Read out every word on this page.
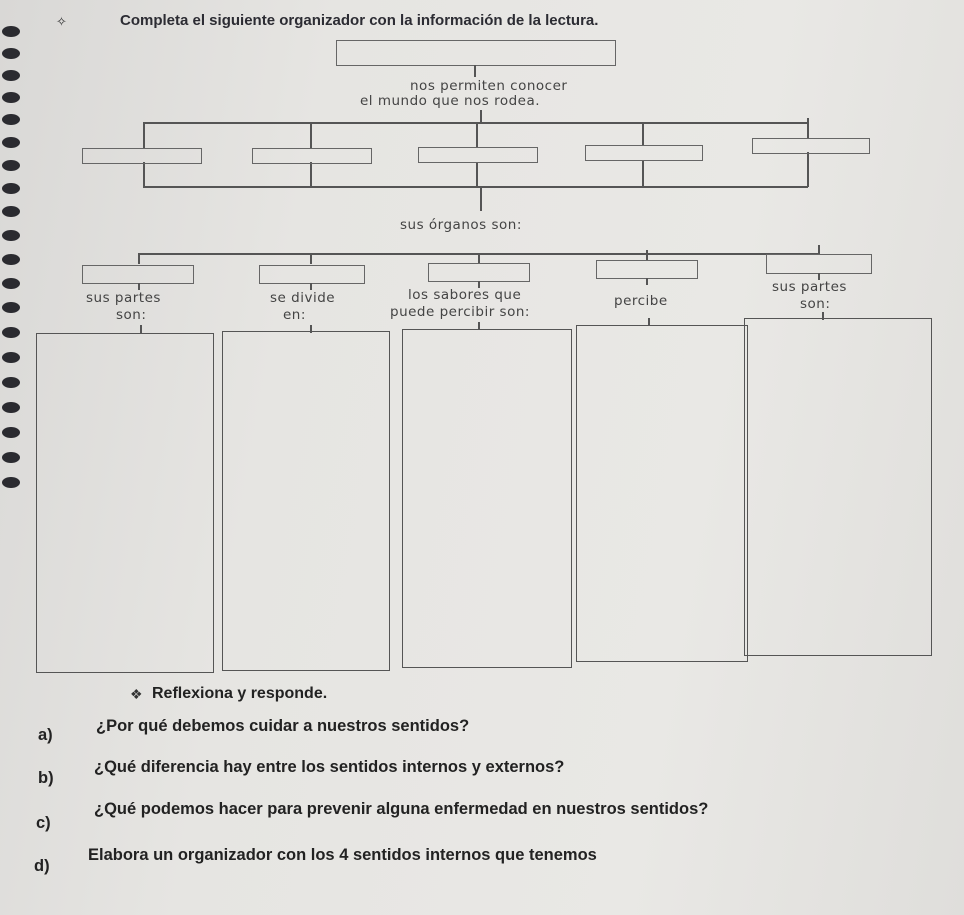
✧	Completa el siguiente organizador con la información de la lectura.
nos permiten conocer
el mundo que nos rodea.
sus órganos son:
sus partes
son:
se divide
en:
los sabores que
puede percibir son:
percibe
sus partes
son:
❖ Reflexiona y responde.
a)	¿Por qué debemos cuidar a nuestros sentidos?
b)
¿Qué diferencia hay entre los sentidos internos y externos?
c)
¿Qué podemos hacer para prevenir alguna enfermedad en nuestros sentidos?
d)
Elabora un organizador con los 4 sentidos internos que tenemos
